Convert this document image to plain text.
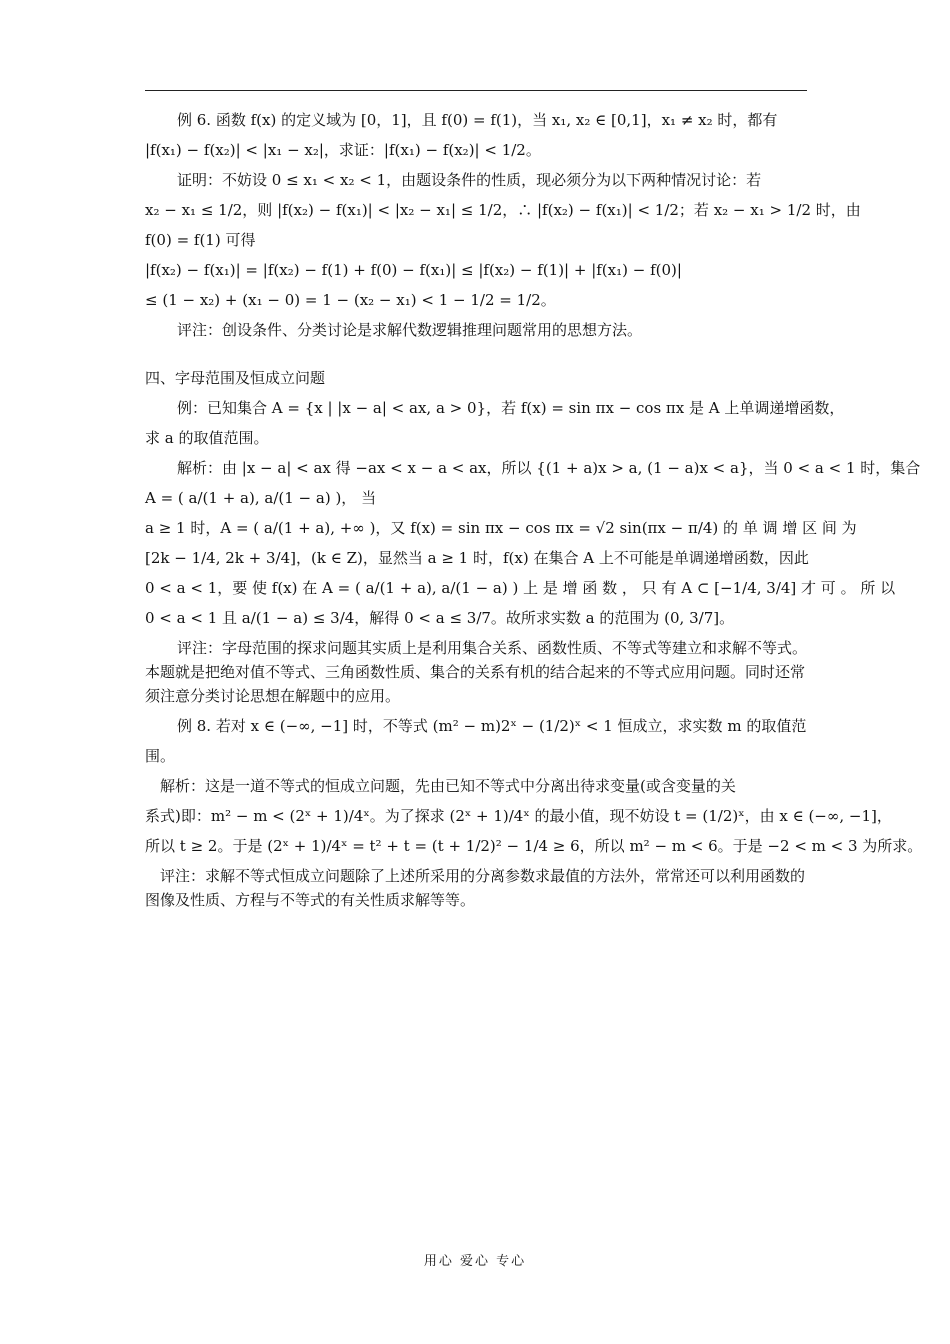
例 6. 函数 f(x) 的定义域为 [0，1]，且 f(0) = f(1)，当 x₁, x₂ ∈ [0,1]，x₁ ≠ x₂ 时，都有

|f(x₁) − f(x₂)| < |x₁ − x₂|，求证：|f(x₁) − f(x₂)| < 1/2。

证明：不妨设 0 ≤ x₁ < x₂ < 1，由题设条件的性质，现必须分为以下两种情况讨论：若

x₂ − x₁ ≤ 1/2，则 |f(x₂) − f(x₁)| < |x₂ − x₁| ≤ 1/2，∴ |f(x₂) − f(x₁)| < 1/2；若 x₂ − x₁ > 1/2 时，由

f(0) = f(1) 可得

|f(x₂) − f(x₁)| = |f(x₂) − f(1) + f(0) − f(x₁)| ≤ |f(x₂) − f(1)| + |f(x₁) − f(0)|

≤ (1 − x₂) + (x₁ − 0) = 1 − (x₂ − x₁) < 1 − 1/2 = 1/2。

评注：创设条件、分类讨论是求解代数逻辑推理问题常用的思想方法。

四、字母范围及恒成立问题

例：已知集合 A = {x | |x − a| < ax, a > 0}，若 f(x) = sin πx − cos πx 是 A 上单调递增函数，

求 a 的取值范围。

解析：由 |x − a| < ax 得 −ax < x − a < ax，所以 {(1 + a)x > a, (1 − a)x < a}，当 0 < a < 1 时，集合

A = ( a/(1 + a), a/(1 − a) )， 当

a ≥ 1 时，A = ( a/(1 + a), +∞ )，又 f(x) = sin πx − cos πx = √2 sin(πx − π/4) 的 单 调 增 区 间 为

[2k − 1/4, 2k + 3/4]，(k ∈ Z)，显然当 a ≥ 1 时，f(x) 在集合 A 上不可能是单调递增函数，因此

0 < a < 1，要 使 f(x) 在 A = ( a/(1 + a), a/(1 − a) ) 上 是 增 函 数 ， 只 有 A ⊂ [−1/4, 3/4] 才 可 。 所 以

0 < a < 1 且 a/(1 − a) ≤ 3/4，解得 0 < a ≤ 3/7。故所求实数 a 的范围为 (0, 3/7]。

评注：字母范围的探求问题其实质上是利用集合关系、函数性质、不等式等建立和求解不等式。本题就是把绝对值不等式、三角函数性质、集合的关系有机的结合起来的不等式应用问题。同时还常须注意分类讨论思想在解题中的应用。

例 8. 若对 x ∈ (−∞, −1] 时，不等式 (m² − m)2ˣ − (1/2)ˣ < 1 恒成立，求实数 m 的取值范

围。

解析：这是一道不等式的恒成立问题，先由已知不等式中分离出待求变量(或含变量的关

系式)即：m² − m < (2ˣ + 1)/4ˣ。为了探求 (2ˣ + 1)/4ˣ 的最小值，现不妨设 t = (1/2)ˣ，由 x ∈ (−∞, −1]，

所以 t ≥ 2。于是 (2ˣ + 1)/4ˣ = t² + t = (t + 1/2)² − 1/4 ≥ 6，所以 m² − m < 6。于是 −2 < m < 3 为所求。

评注：求解不等式恒成立问题除了上述所采用的分离参数求最值的方法外，常常还可以利用函数的图像及性质、方程与不等式的有关性质求解等等。

用心 爱心 专心
